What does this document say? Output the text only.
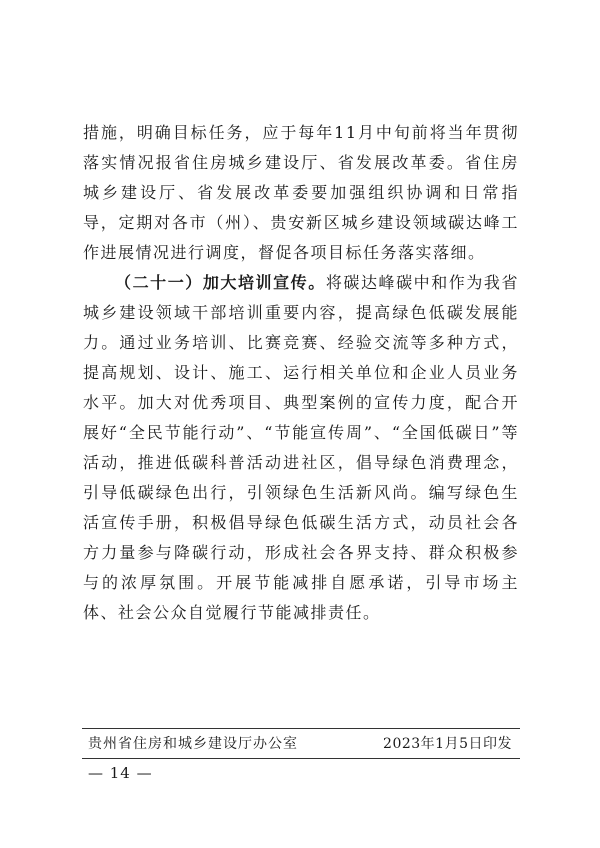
措施，明确目标任务，应于每年11月中旬前将当年贯彻落实情况报省住房城乡建设厅、省发展改革委。省住房城乡建设厅、省发展改革委要加强组织协调和日常指导，定期对各市（州）、贵安新区城乡建设领域碳达峰工作进展情况进行调度，督促各项目标任务落实落细。

（二十一）加大培训宣传。将碳达峰碳中和作为我省城乡建设领域干部培训重要内容，提高绿色低碳发展能力。通过业务培训、比赛竞赛、经验交流等多种方式，提高规划、设计、施工、运行相关单位和企业人员业务水平。加大对优秀项目、典型案例的宣传力度，配合开展好“全民节能行动”、“节能宣传周”、“全国低碳日”等活动，推进低碳科普活动进社区，倡导绿色消费理念，引导低碳绿色出行，引领绿色生活新风尚。编写绿色生活宣传手册，积极倡导绿色低碳生活方式，动员社会各方力量参与降碳行动，形成社会各界支持、群众积极参与的浓厚氛围。开展节能减排自愿承诺，引导市场主体、社会公众自觉履行节能减排责任。

贵州省住房和城乡建设厅办公室	2023年1月5日印发
— 14 —
